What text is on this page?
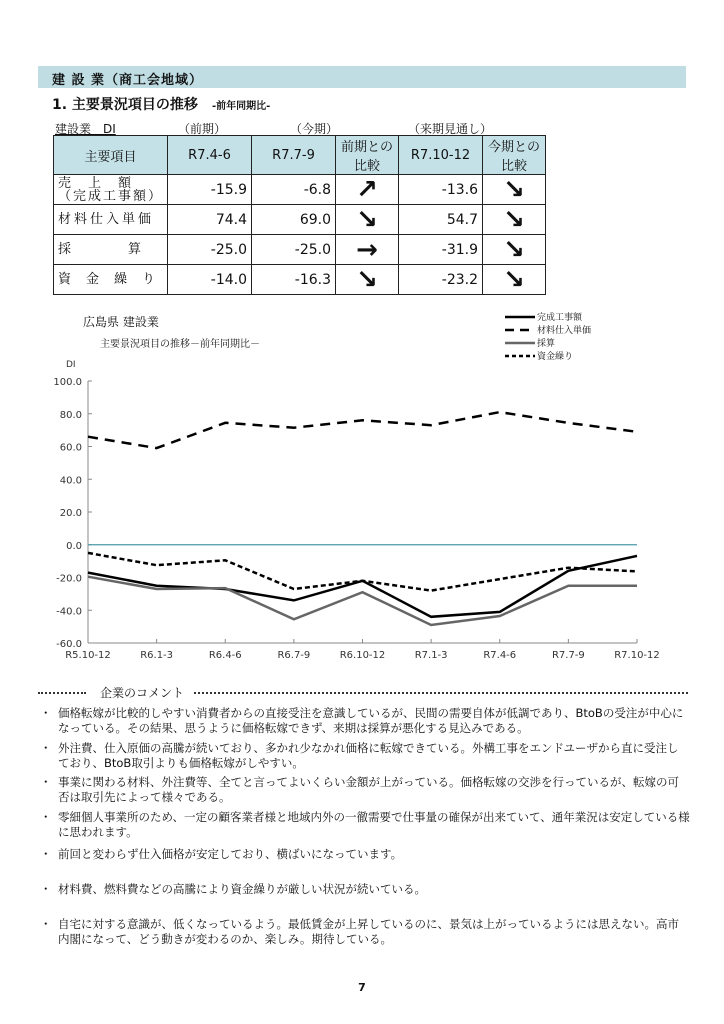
建 設 業（商工会地域）
1. 主要景況項目の推移 -前年同期比-
建設業　DI	（前期）	（今期）	（来期見通し）
主要項目	R7.4-6	R7.7-9	前期との比較	R7.10-12	今期との比較
売　上　額
（完成工事額）	-15.9	-6.8	↗	-13.6	↘
材料仕入単価	74.4	69.0	↘	54.7	↘
採　　　　算	-25.0	-25.0	→	-31.9	↘
資　金　繰　り	-14.0	-16.3	↘	-23.2	↘
広島県 建設業
主要景況項目の推移－前年同期比－
完成工事額
材料仕入単価
採算
資金繰り
DI
100.0
80.0
60.0
40.0
20.0
0.0
-20.0
-40.0
-60.0
R5.10-12	R6.1-3	R6.4-6	R6.7-9	R6.10-12	R7.1-3	R7.4-6	R7.7-9	R7.10-12
企業のコメント
・ 価格転嫁が比較的しやすい消費者からの直接受注を意識しているが、民間の需要自体が低調であり、BtoBの受注が中心になっている。その結果、思うように価格転嫁できず、来期は採算が悪化する見込みである。
・ 外注費、仕入原価の高騰が続いており、多かれ少なかれ価格に転嫁できている。外構工事をエンドユーザから直に受注しており、BtoB取引よりも価格転嫁がしやすい。
・ 事業に関わる材料、外注費等、全てと言ってよいくらい金額が上がっている。価格転嫁の交渉を行っているが、転嫁の可否は取引先によって様々である。
・ 零細個人事業所のため、一定の顧客業者様と地域内外の一徹需要で仕事量の確保が出来ていて、通年業況は安定している様に思われます。
・ 前回と変わらず仕入価格が安定しており、横ばいになっています。
・ 材料費、燃料費などの高騰により資金繰りが厳しい状況が続いている。
・ 自宅に対する意識が、低くなっているよう。最低賃金が上昇しているのに、景気は上がっているようには思えない。高市内閣になって、どう動きが変わるのか、楽しみ。期待している。
7
